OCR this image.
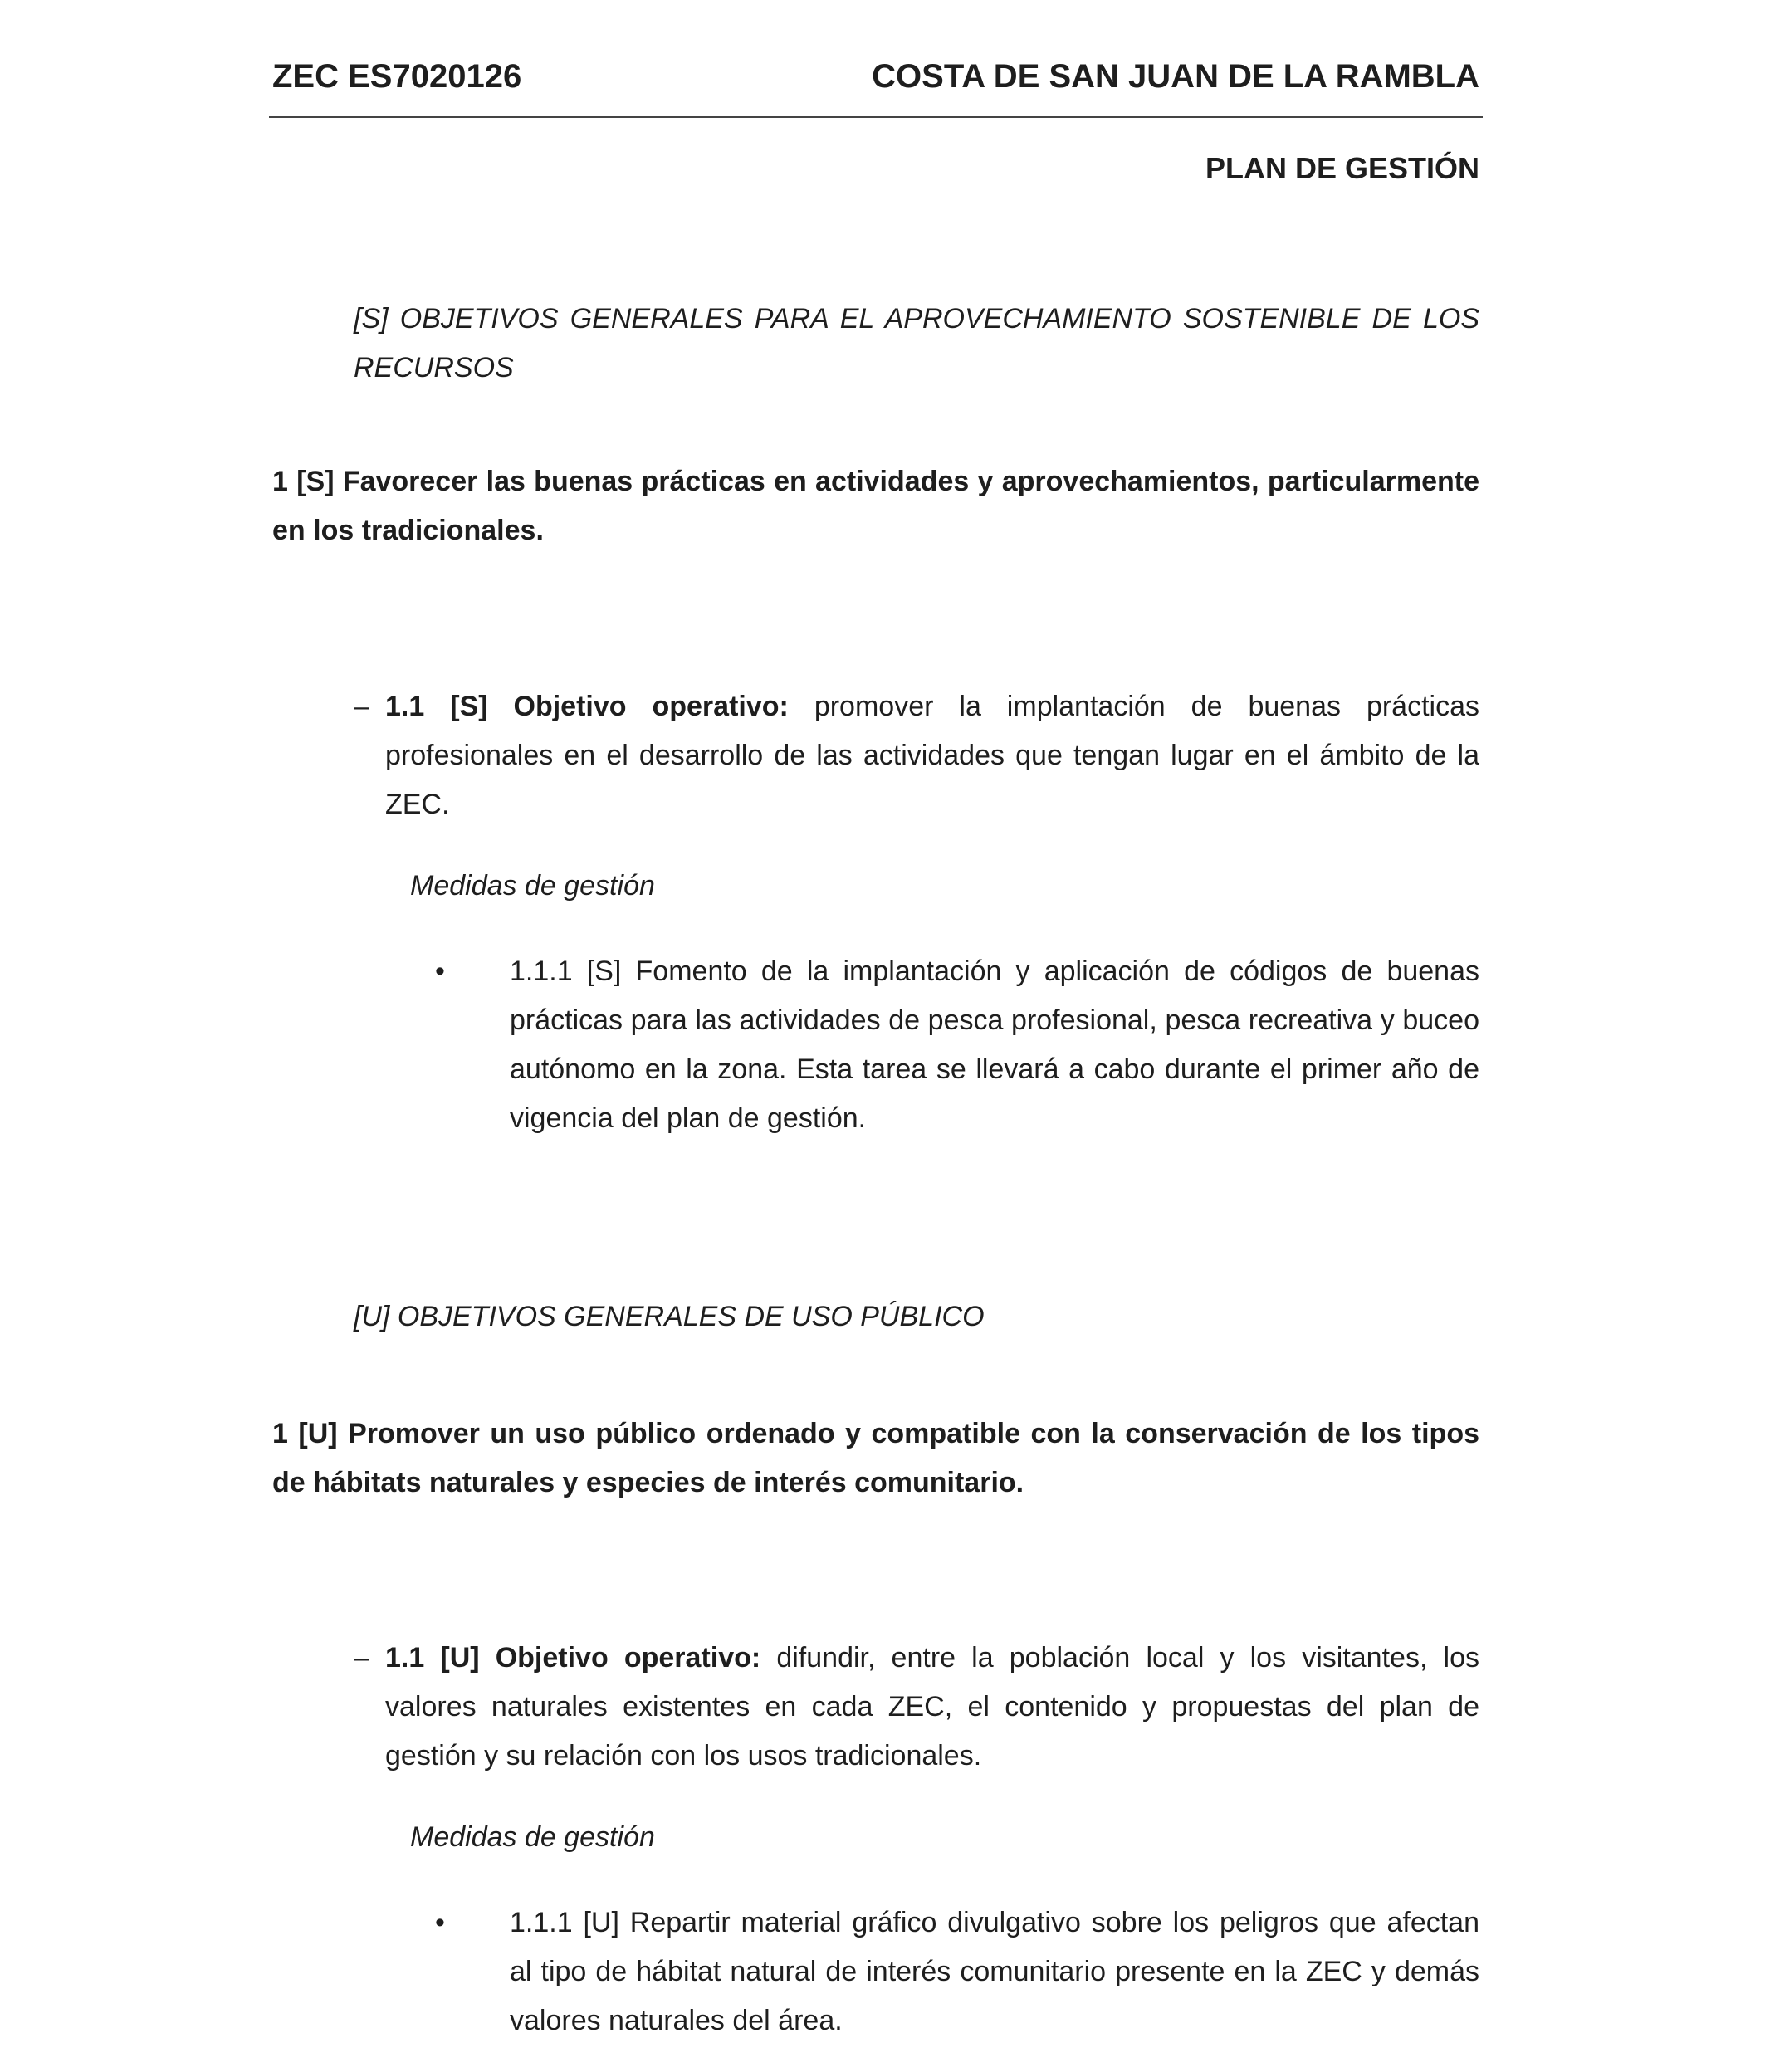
ZEC ES7020126	COSTA DE SAN JUAN DE LA RAMBLA
PLAN DE GESTIÓN

[S] OBJETIVOS GENERALES PARA EL APROVECHAMIENTO SOSTENIBLE DE LOS RECURSOS

1 [S] Favorecer las buenas prácticas en actividades y aprovechamientos, particularmente en los tradicionales.

– 1.1 [S] Objetivo operativo: promover la implantación de buenas prácticas profesionales en el desarrollo de las actividades que tengan lugar en el ámbito de la ZEC.

Medidas de gestión

• 1.1.1 [S] Fomento de la implantación y aplicación de códigos de buenas prácticas para las actividades de pesca profesional, pesca recreativa y buceo autónomo en la zona. Esta tarea se llevará a cabo durante el primer año de vigencia del plan de gestión.

[U] OBJETIVOS GENERALES DE USO PÚBLICO

1 [U] Promover un uso público ordenado y compatible con la conservación de los tipos de hábitats naturales y especies de interés comunitario.

– 1.1 [U] Objetivo operativo: difundir, entre la población local y los visitantes, los valores naturales existentes en cada ZEC, el contenido y propuestas del plan de gestión y su relación con los usos tradicionales.

Medidas de gestión

• 1.1.1 [U] Repartir material gráfico divulgativo sobre los peligros que afectan al tipo de hábitat natural de interés comunitario presente en la ZEC y demás valores naturales del área.
